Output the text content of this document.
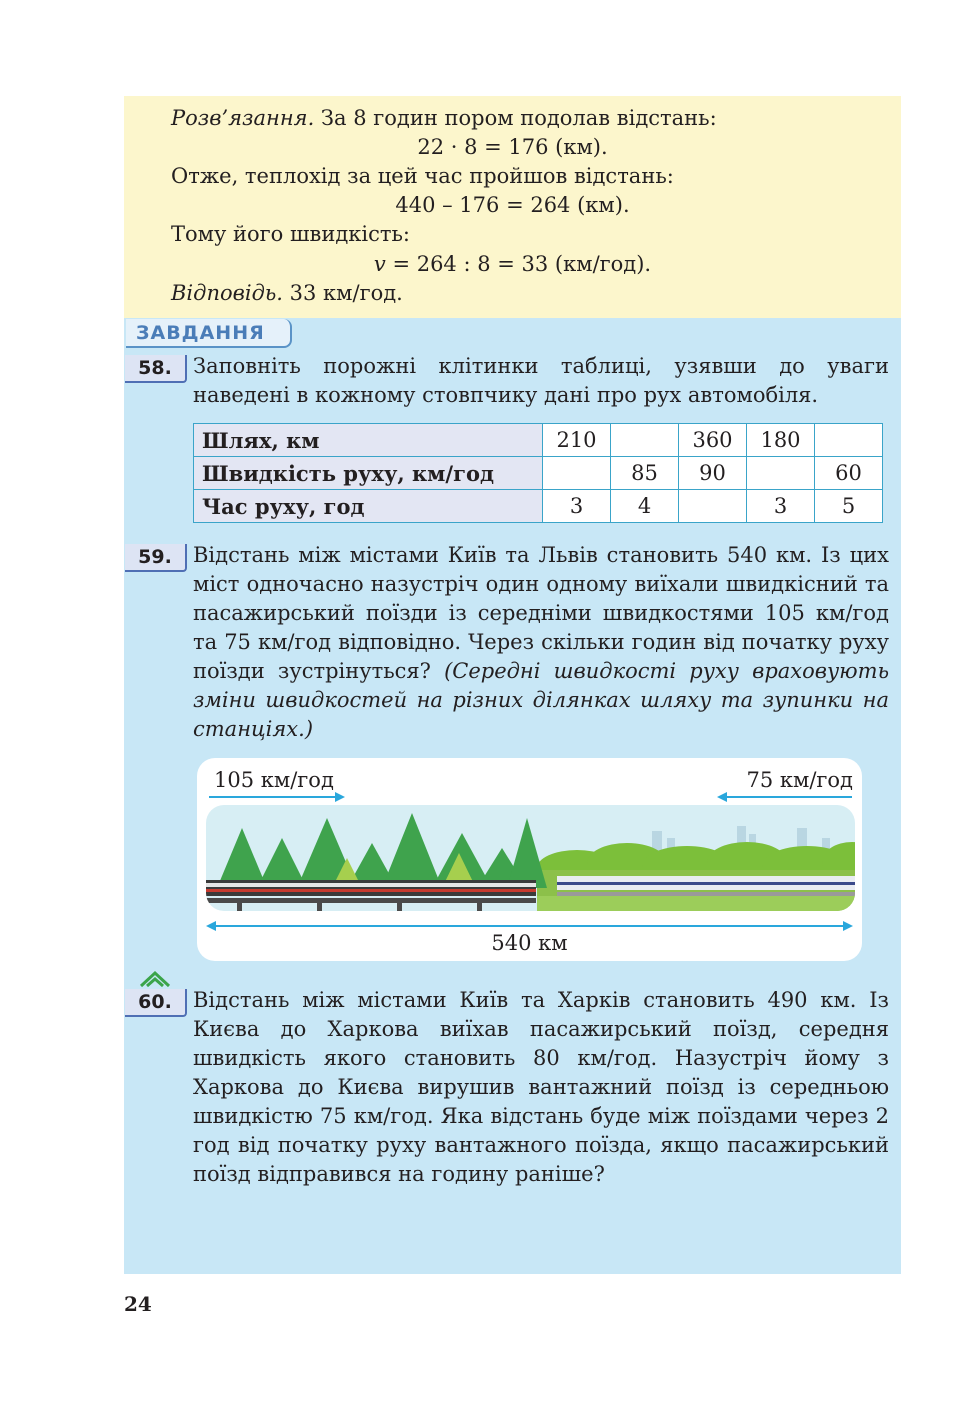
Розв’язання. За 8 годин пором подолав відстань:
22 · 8 = 176 (км).
Отже, теплохід за цей час пройшов відстань:
440 – 176 = 264 (км).
Тому його швидкість:
v = 264 : 8 = 33 (км/год).
Відповідь. 33 км/год.
ЗАВДАННЯ
58.	Заповніть порожні клітинки таблиці, узявши до уваги наведені в кожному стовпчику дані про рух автомобіля.

Шлях, км	210		360	180	
Швидкість руху, км/год		85	90		60
Час руху, год	3	4		3	5
59.	Відстань між містами Київ та Львів становить 540 км. Із цих міст одночасно назустріч один одному виїхали швидкісний та пасажирський поїзди із середніми швидкостями 105 км/год та 75 км/год відповідно. Через скільки годин від початку руху поїзди зустрінуться? (Середні швидкості руху враховують зміни швидкостей на різних ділянках шляху та зупинки на станціях.)

105 км/год	75 км/год
540 км
60.	Відстань між містами Київ та Харків становить 490 км. Із Києва до Харкова виїхав пасажирський поїзд, середня швидкість якого становить 80 км/год. Назустріч йому з Харкова до Києва вирушив вантажний поїзд із середньою швидкістю 75 км/год. Яка відстань буде між поїздами через 2 год від початку руху вантажного поїзда, якщо пасажирський поїзд відправився на годину раніше?

24
